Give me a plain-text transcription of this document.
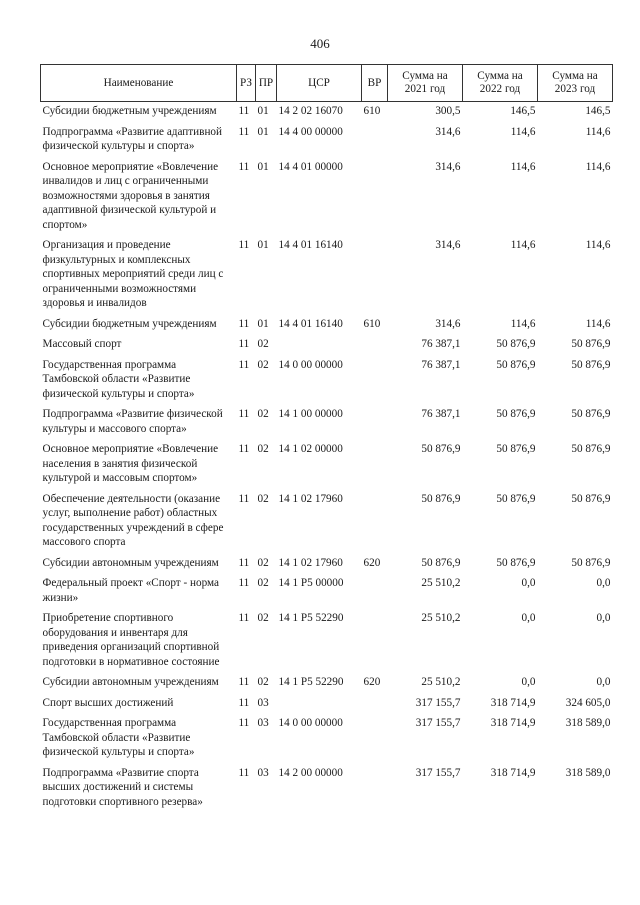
406
Наименование	РЗ	ПР	ЦСР	ВР	Сумма на 2021 год	Сумма на 2022 год	Сумма на 2023 год
Субсидии бюджетным учреждениям	11	01	14 2 02 16070	610	300,5	146,5	146,5
Подпрограмма «Развитие адаптивной физической культуры и спорта»	11	01	14 4 00 00000		314,6	114,6	114,6
Основное мероприятие «Вовлечение инвалидов и лиц с ограниченными возможностями здоровья в занятия адаптивной физической культурой и спортом»	11	01	14 4 01 00000		314,6	114,6	114,6
Организация и проведение физкультурных и комплексных спортивных мероприятий среди лиц с ограниченными возможностями здоровья и инвалидов	11	01	14 4 01 16140		314,6	114,6	114,6
Субсидии бюджетным учреждениям	11	01	14 4 01 16140	610	314,6	114,6	114,6
Массовый спорт	11	02			76 387,1	50 876,9	50 876,9
Государственная программа Тамбовской области «Развитие физической культуры и спорта»	11	02	14 0 00 00000		76 387,1	50 876,9	50 876,9
Подпрограмма «Развитие физической культуры и массового спорта»	11	02	14 1 00 00000		76 387,1	50 876,9	50 876,9
Основное мероприятие «Вовлечение населения в занятия физической культурой и массовым спортом»	11	02	14 1 02 00000		50 876,9	50 876,9	50 876,9
Обеспечение деятельности (оказание услуг, выполнение работ) областных государственных учреждений в сфере массового спорта	11	02	14 1 02 17960		50 876,9	50 876,9	50 876,9
Субсидии автономным учреждениям	11	02	14 1 02 17960	620	50 876,9	50 876,9	50 876,9
Федеральный проект «Спорт - норма жизни»	11	02	14 1 P5 00000		25 510,2	0,0	0,0
Приобретение спортивного оборудования и инвентаря для приведения организаций спортивной подготовки в нормативное состояние	11	02	14 1 P5 52290		25 510,2	0,0	0,0
Субсидии автономным учреждениям	11	02	14 1 P5 52290	620	25 510,2	0,0	0,0
Спорт высших достижений	11	03			317 155,7	318 714,9	324 605,0
Государственная программа Тамбовской области «Развитие физической культуры и спорта»	11	03	14 0 00 00000		317 155,7	318 714,9	318 589,0
Подпрограмма «Развитие спорта высших достижений и системы подготовки спортивного резерва»	11	03	14 2 00 00000		317 155,7	318 714,9	318 589,0
